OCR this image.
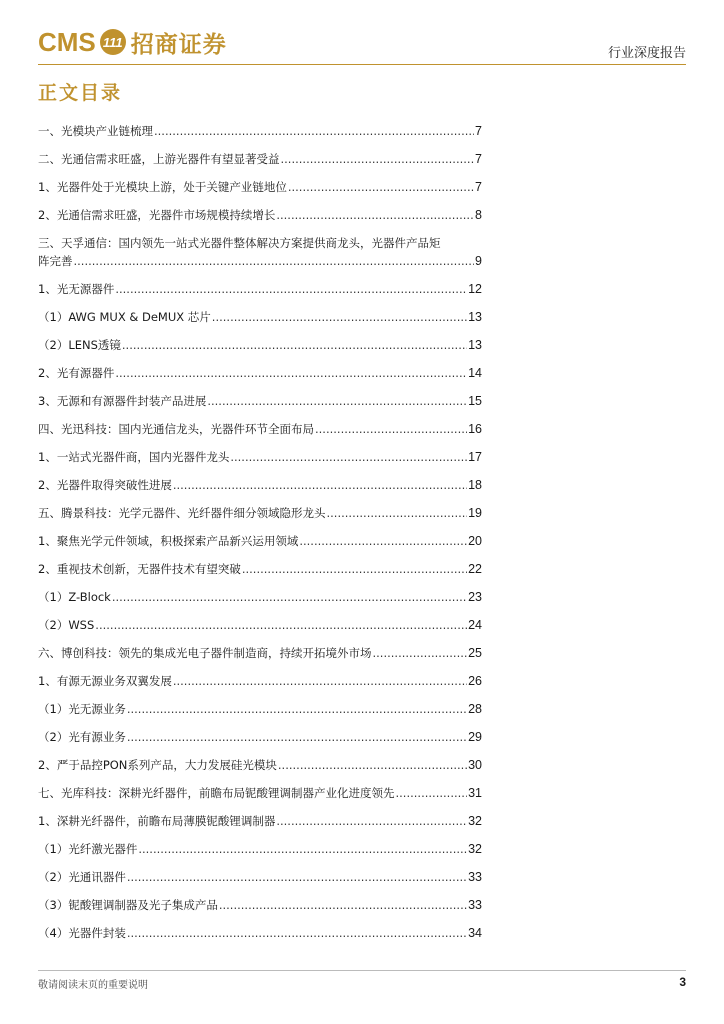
CMS 111 招商证券	行业深度报告
正文目录
一、光模块产业链梳理 .....	7
二、光通信需求旺盛，上游光器件有望显著受益 .....	7
1、光器件处于光模块上游，处于关键产业链地位 .....	7
2、光通信需求旺盛，光器件市场规模持续增长 .....	8
三、天孚通信：国内领先一站式光器件整体解决方案提供商龙头，光器件产品矩
阵完善 .....	9
1、光无源器件 .....	12
（1）AWG MUX & DeMUX 芯片 .....	13
（2）LENS透镜 .....	13
2、光有源器件 .....	14
3、无源和有源器件封装产品进展 .....	15
四、光迅科技：国内光通信龙头，光器件环节全面布局 .....	16
1、一站式光器件商，国内光器件龙头 .....	17
2、光器件取得突破性进展 .....	18
五、腾景科技：光学元器件、光纤器件细分领域隐形龙头 .....	19
1、聚焦光学元件领域，积极探索产品新兴运用领域 .....	20
2、重视技术创新，无器件技术有望突破 .....	22
（1）Z-Block .....	23
（2）WSS .....	24
六、博创科技：领先的集成光电子器件制造商，持续开拓境外市场 .....	25
1、有源无源业务双翼发展 .....	26
（1）光无源业务 .....	28
（2）光有源业务 .....	29
2、严于品控PON系列产品，大力发展硅光模块 .....	30
七、光库科技：深耕光纤器件，前瞻布局铌酸锂调制器产业化进度领先 .....	31
1、深耕光纤器件，前瞻布局薄膜铌酸锂调制器 .....	32
（1）光纤激光器件 .....	32
（2）光通讯器件 .....	33
（3）铌酸锂调制器及光子集成产品 .....	33
（4）光器件封装 .....	34
敬请阅读末页的重要说明	3
